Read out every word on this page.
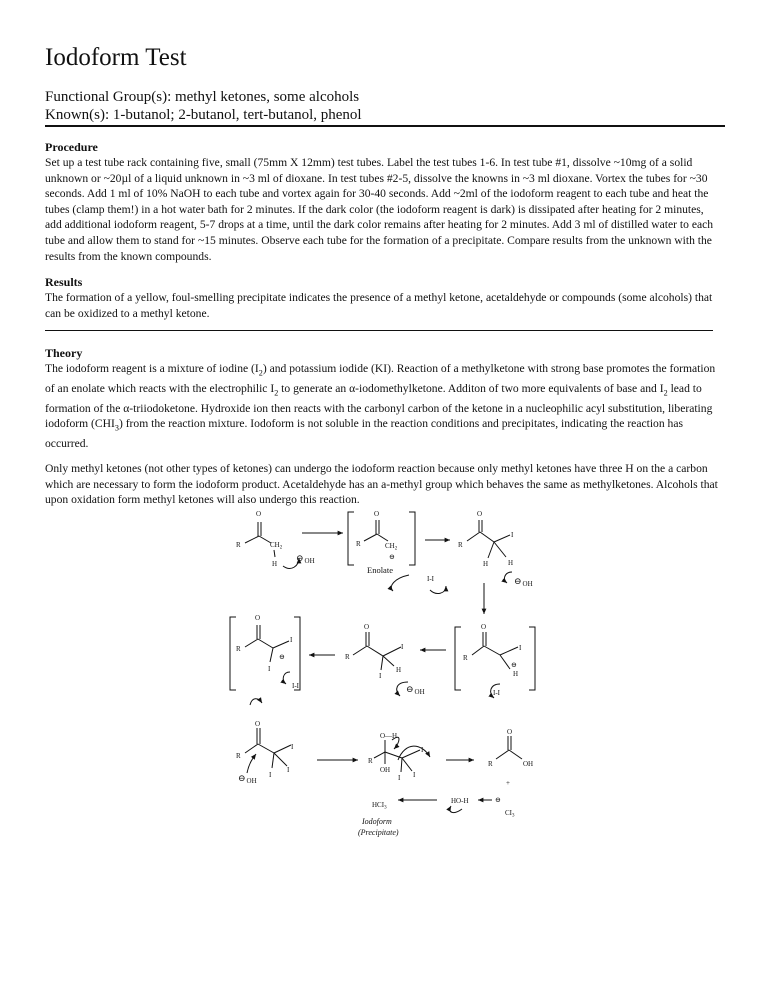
Iodoform Test
Functional Group(s): methyl ketones, some alcohols
Known(s): 1-butanol; 2-butanol, tert-butanol, phenol
Procedure

Set up a test tube rack containing five, small (75mm X 12mm) test tubes. Label the test tubes 1-6. In test tube #1, dissolve ~10mg of a solid unknown or ~20µl of a liquid unknown in ~3 ml of dioxane. In test tubes #2-5, dissolve the knowns in ~3 ml dioxane. Vortex the tubes for ~30 seconds. Add 1 ml of 10% NaOH to each tube and vortex again for 30-40 seconds. Add ~2ml of the iodoform reagent to each tube and heat the tubes (clamp them!) in a hot water bath for 2 minutes. If the dark color (the iodoform reagent is dark) is dissipated after heating for 2 minutes, add additional iodoform reagent, 5-7 drops at a time, until the dark color remains after heating for 2 minutes. Add 3 ml of distilled water to each tube and allow them to stand for ~15 minutes. Observe each tube for the formation of a precipitate. Compare results from the unknown with the results from the known compounds.

Results

The formation of a yellow, foul-smelling precipitate indicates the presence of a methyl ketone, acetaldehyde or compounds (some alcohols) that can be oxidized to a methyl ketone.

Theory

The iodoform reagent is a mixture of iodine $(I_2)$ and potassium iodide (KI). Reaction of a methylketone with strong base promotes the formation of an enolate which reacts with the electrophilic $I_2$ to generate an α-iodomethylketone. Additon of two more equivalents of base and $I_2$ lead to formation of the α-triiodoketone. Hydroxide ion then reacts with the carbonyl carbon of the ketone in a nucleophilic acyl substitution, liberating iodoform $(CHI_3)$ from the reaction mixture. Iodoform is not soluble in the reaction conditions and precipitates, indicating the reaction has occurred.

Only methyl ketones (not other types of ketones) can undergo the iodoform reaction because only methyl ketones have three H on the a carbon which are necessary to form the iodoform product. Acetaldehyde has an a-methyl group which behaves the same as methylketones. Alcohols that upon oxidation form methyl ketones will also undergo this reaction.

O
R	$CH_2$
H
⊖OH
O
R	$CH_2$
⊖
Enolate
I-I
O
R
I
H	H
⊖OH
O
R
I
⊖
H
I-I
O
R
I
I
H
⊖OH
O
R
I
⊖
I
I-I
O
R
I
I
I
⊖OH
O—H
R
OH
I
I I
O
R	OH
+
⊖
$CI_3$
HO-H
$HCI_3$
Iodoform
(Precipitate)
